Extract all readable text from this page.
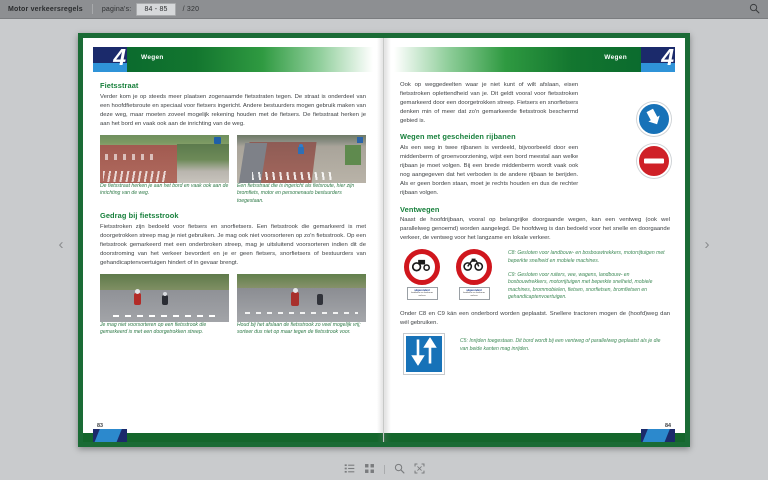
Motor verkeersregels	pagina's:	84 - 85	/ 320
‹	›
4 Wegen
Fietsstraat

Verder kom je op steeds meer plaatsen zogenaamde fietsstraten tegen. De straat is onderdeel van een hoofdfietsroute en speciaal voor fietsers ingericht. Andere bestuurders mogen gebruik maken van deze weg, maar moeten zoveel mogelijk rekening houden met de fietsers. De fietsstraat herken je aan het bord en vaak ook aan de inrichting van de weg.

De fietsstraat herken je aan het bord en vaak ook aan de inrichting van de weg.
Een fietsstraat die is ingericht als fietsroute, hier zijn bromfiets, motor en personenauto bestuurders toegestaan.
Gedrag bij fietsstrook

Fietsstroken zijn bedoeld voor fietsers en snorfietsers. Een fietsstrook die gemarkeerd is met doorgetrokken streep mag je niet gebruiken. Je mag ook niet voorsorteren op zo'n fietsstrook. Op een fietsstrook gemarkeerd met een onderbroken streep, mag je uitsluitend voorsorteren indien dit de doorstroming van het verkeer bevordert en je er geen fietsers, snorfietsers of bestuurders van gehandicaptenvoertuigen hindert of in gevaar brengt.

Je mag niet voorsorteren op een fietsstrook die gemarkeerd is met een doorgetrokken streep.
Houd bij het afslaan de fietsstrook zo veel mogelijk vrij; sorteer dus niet op maar tegen de fietsstrook voor.
83
4
Wegen

Ook op weggedeelten waar je niet kunt of wilt afslaan, eisen fietsstroken oplettendheid van je. Dit geldt vooral voor fietsstroken gemarkeerd door een doorgetrokken streep. Fietsers en snorfietsers denken min of meer dat zo'n gemarkeerde fietsstrook beschermd gebied is.

Wegen met gescheiden rijbanen

Als een weg in twee rijbanen is verdeeld, bijvoorbeeld door een middenberm of groenvoorziening, wijst een bord meestal aan welke rijbaan je moet volgen. Bij een brede middenberm wordt vaak ook nog aangegeven dat het verboden is de andere rijbaan te berijden. Als er geen borden staan, moet je rechts houden en dus de rechter rijbaan volgen.

Ventwegen

Naast de hoofdrijbaan, vooral op belangrijke doorgaande wegen, kan een ventweg (ook wel parallelweg genoemd) worden aangelegd. De hoofdweg is dan bedoeld voor het snelle en doorgaande verkeer, de ventweg voor het langzame en lokale verkeer.

uitgezonderd
landbouw en bosbouw verkeer
uitgezonderd
landbouw en bosbouw verkeer
C8: Gesloten voor landbouw- en bosbouwtrekkers, motorrijtuigen met beperkte snelheid en mobiele machines.
C9: Gesloten voor ruiters, vee, wagens, landbouw- en bosbouwtrekkers, motorrijtuigen met beperkte snelheid, mobiele machines, brommobielen, fietsen, snorfietsen, bromfietsen en gehandicaptenvoertuigen.

Onder C8 en C9 kán een onderbord worden geplaatst. Snellere tractoren mogen de (hoofd)weg dan wél gebruiken.

C5: Inrijden toegestaan. Dit bord wordt bij een ventweg of parallelweg geplaatst als je die van beide kanten mag inrijden.
84
